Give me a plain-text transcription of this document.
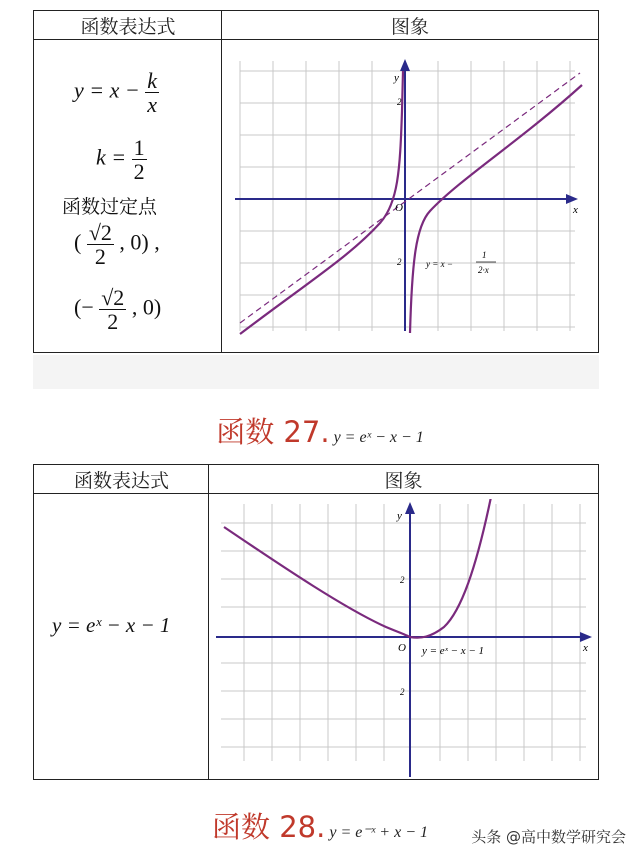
函数表达式	图象
$y = x - \frac{k}{x}$
$k = \frac{1}{2}$
函数过定点
( $\frac{√2}{2}$ , 0) ,
(− $\frac{√2}{2}$ , 0)
y
x
O
2
2	y = x −
1
2·x
函数 27. y = eˣ − x − 1
函数表达式	图象
y = eˣ − x − 1
y
x
O
2
2
y = eˣ − x − 1
函数 28. y = e⁻ˣ + x − 1	头条 @高中数学研究会
